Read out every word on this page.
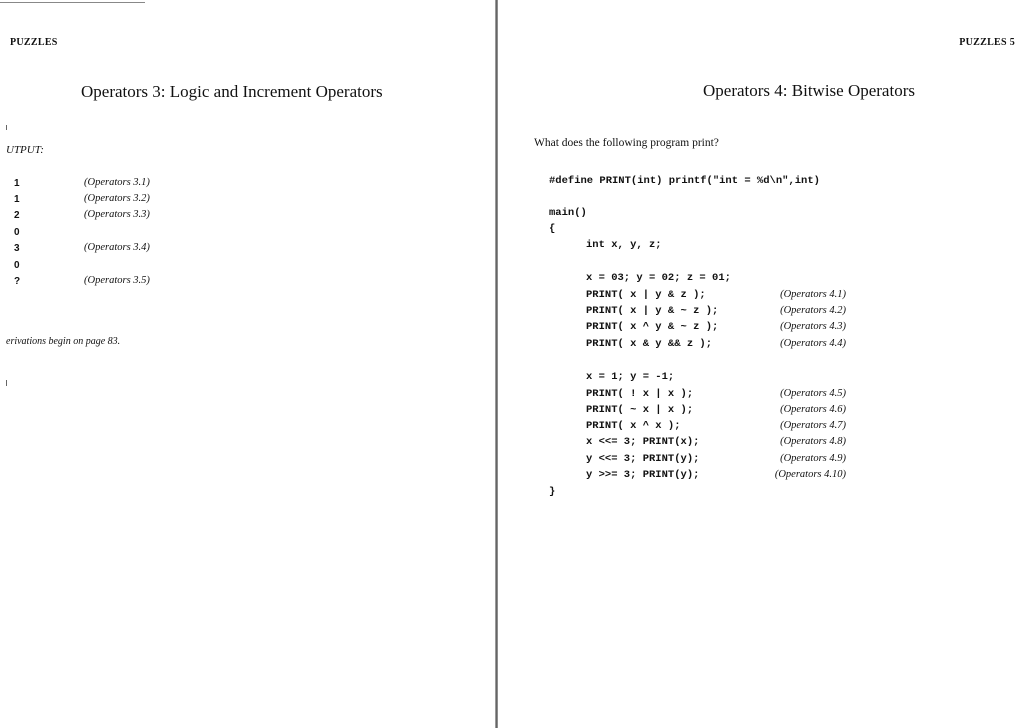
PUZZLES
Operators 3: Logic and Increment Operators
UTPUT:
1	(Operators 3.1)
1	(Operators 3.2)
2	(Operators 3.3)
0
3	(Operators 3.4)
0
?	(Operators 3.5)
erivations begin on page 83.
PUZZLES 5
Operators 4: Bitwise Operators
What does the following program print?
#define PRINT(int) printf("int = %d\n",int)
main()
{
int x, y, z;
x = 03; y = 02; z = 01;
PRINT( x | y & z );	(Operators 4.1)
PRINT( x | y & ~ z );	(Operators 4.2)
PRINT( x ^ y & ~ z );	(Operators 4.3)
PRINT( x & y && z );	(Operators 4.4)
x = 1; y = -1;
PRINT( ! x | x );	(Operators 4.5)
PRINT( ~ x | x );	(Operators 4.6)
PRINT( x ^ x );	(Operators 4.7)
x <<= 3; PRINT(x);	(Operators 4.8)
y <<= 3; PRINT(y);	(Operators 4.9)
y >>= 3; PRINT(y);	(Operators 4.10)
}
